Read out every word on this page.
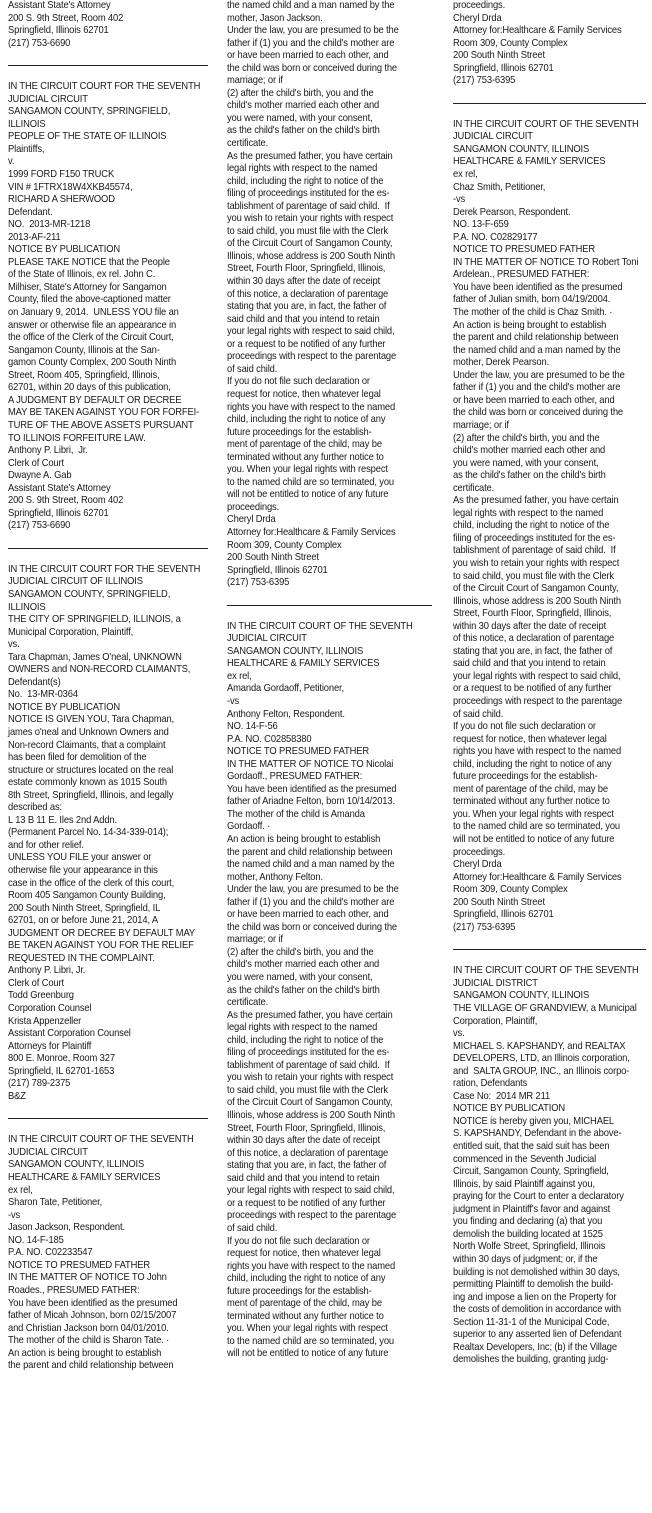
Assistant State's Attorney
200 S. 9th Street, Room 402
Springfield, Illinois 62701
(217) 753-6690
IN THE CIRCUIT COURT FOR THE SEVENTH
JUDICIAL CIRCUIT
SANGAMON COUNTY, SPRINGFIELD,
ILLINOIS
PEOPLE OF THE STATE OF ILLINOIS
Plaintiffs,
v.
1999 FORD F150 TRUCK
VIN # 1FTRX18W4XKB45574,
RICHARD A SHERWOOD
Defendant.
NO.  2013-MR-1218
2013-AF-211
NOTICE BY PUBLICATION
PLEASE TAKE NOTICE that the People
of the State of Illinois, ex rel. John C.
Milhiser, State's Attorney for Sangamon
County, filed the above-captioned matter
on January 9, 2014.  UNLESS YOU file an
answer or otherwise file an appearance in
the office of the Clerk of the Circuit Court,
Sangamon County, Illinois at the San-
gamon County Complex, 200 South Ninth
Street, Room 405, Springfield, Illinois,
62701, within 20 days of this publication,
A JUDGMENT BY DEFAULT OR DECREE
MAY BE TAKEN AGAINST YOU FOR FORFEI-
TURE OF THE ABOVE ASSETS PURSUANT
TO ILLINOIS FORFEITURE LAW.
Anthony P. Libri,  Jr.
Clerk of Court
Dwayne A. Gab
Assistant State's Attorney
200 S. 9th Street, Room 402
Springfield, Illinois 62701
(217) 753-6690
IN THE CIRCUIT COURT FOR THE SEVENTH
JUDICIAL CIRCUIT OF ILLINOIS
SANGAMON COUNTY, SPRINGFIELD,
ILLINOIS
THE CITY OF SPRINGFIELD, ILLINOIS, a
Municipal Corporation, Plaintiff,
vs.
Tara Chapman, James O'neal, UNKNOWN
OWNERS and NON-RECORD CLAIMANTS,
Defendant(s)
No.  13-MR-0364
NOTICE BY PUBLICATION
NOTICE IS GIVEN YOU, Tara Chapman,
james o'neal and Unknown Owners and
Non-record Claimants, that a complaint
has been filed for demolition of the
structure or structures located on the real
estate commonly known as 1015 South
8th Street, Springfield, Illinois, and legally
described as:
L 13 B 11 E. Iles 2nd Addn.
(Permanent Parcel No. 14-34-339-014);
and for other relief.
UNLESS YOU FILE your answer or
otherwise file your appearance in this
case in the office of the clerk of this court,
Room 405 Sangamon County Building,
200 South Ninth Street, Springfield, IL
62701, on or before June 21, 2014, A
JUDGMENT OR DECREE BY DEFAULT MAY
BE TAKEN AGAINST YOU FOR THE RELIEF
REQUESTED IN THE COMPLAINT.
Anthony P. Libri, Jr.
Clerk of Court
Todd Greenburg
Corporation Counsel
Krista Appenzeller
Assistant Corporation Counsel
Attorneys for Plaintiff
800 E. Monroe, Room 327
Springfield, IL 62701-1653
(217) 789-2375
B&Z
IN THE CIRCUIT COURT OF THE SEVENTH
JUDICIAL CIRCUIT
SANGAMON COUNTY, ILLINOIS
HEALTHCARE & FAMILY SERVICES
ex rel,
Sharon Tate, Petitioner,
-vs
Jason Jackson, Respondent.
NO. 14-F-185
P.A. NO. C02233547
NOTICE TO PRESUMED FATHER
IN THE MATTER OF NOTICE TO John
Roades., PRESUMED FATHER:
You have been identified as the presumed
father of Micah Johnson, born 02/15/2007
and Christian Jackson born 04/01/2010.
The mother of the child is Sharon Tate. ·
An action is being brought to establish
the parent and child relationship between
the named child and a man named by the
mother, Jason Jackson.
Under the law, you are presumed to be the
father if (1) you and the child's mother are
or have been married to each other, and
the child was born or conceived during the
marriage; or if
(2) after the child's birth, you and the
child's mother married each other and
you were named, with your consent,
as the child's father on the child's birth
certificate.
As the presumed father, you have certain
legal rights with respect to the named
child, including the right to notice of the
filing of proceedings instituted for the es-
tablishment of parentage of said child.  If
you wish to retain your rights with respect
to said child, you must file with the Clerk
of the Circuit Court of Sangamon County,
Illinois, whose address is 200 South Ninth
Street, Fourth Floor, Springfield, Illinois,
within 30 days after the date of receipt
of this notice, a declaration of parentage
stating that you are, in fact, the father of
said child and that you intend to retain
your legal rights with respect to said child,
or a request to be notified of any further
proceedings with respect to the parentage
of said child.
If you do not file such declaration or
request for notice, then whatever legal
rights you have with respect to the named
child, including the right to notice of any
future proceedings for the establish-
ment of parentage of the child, may be
terminated without any further notice to
you. When your legal rights with respect
to the named child are so terminated, you
will not be entitled to notice of any future
proceedings.
Cheryl Drda
Attorney for:Healthcare & Family Services
Room 309, County Complex
200 South Ninth Street
Springfield, Illinois 62701
(217) 753-6395
IN THE CIRCUIT COURT OF THE SEVENTH
JUDICIAL CIRCUIT
SANGAMON COUNTY, ILLINOIS
HEALTHCARE & FAMILY SERVICES
ex rel,
Amanda Gordaoff, Petitioner,
-vs
Anthony Felton, Respondent.
NO. 14-F-56
P.A. NO. C02858380
NOTICE TO PRESUMED FATHER
IN THE MATTER OF NOTICE TO Nicolai
Gordaoff., PRESUMED FATHER:
You have been identified as the presumed
father of Ariadne Felton, born 10/14/2013.
The mother of the child is Amanda
Gordaoff. ·
An action is being brought to establish
the parent and child relationship between
the named child and a man named by the
mother, Anthony Felton.
Under the law, you are presumed to be the
father if (1) you and the child's mother are
or have been married to each other, and
the child was born or conceived during the
marriage; or if
(2) after the child's birth, you and the
child's mother married each other and
you were named, with your consent,
as the child's father on the child's birth
certificate.
As the presumed father, you have certain
legal rights with respect to the named
child, including the right to notice of the
filing of proceedings instituted for the es-
tablishment of parentage of said child.  If
you wish to retain your rights with respect
to said child, you must file with the Clerk
of the Circuit Court of Sangamon County,
Illinois, whose address is 200 South Ninth
Street, Fourth Floor, Springfield, Illinois,
within 30 days after the date of receipt
of this notice, a declaration of parentage
stating that you are, in fact, the father of
said child and that you intend to retain
your legal rights with respect to said child,
or a request to be notified of any further
proceedings with respect to the parentage
of said child.
If you do not file such declaration or
request for notice, then whatever legal
rights you have with respect to the named
child, including the right to notice of any
future proceedings for the establish-
ment of parentage of the child, may be
terminated without any further notice to
you. When your legal rights with respect
to the named child are so terminated, you
will not be entitled to notice of any future
proceedings.
Cheryl Drda
Attorney for:Healthcare & Family Services
Room 309, County Complex
200 South Ninth Street
Springfield, Illinois 62701
(217) 753-6395
IN THE CIRCUIT COURT OF THE SEVENTH
JUDICIAL CIRCUIT
SANGAMON COUNTY, ILLINOIS
HEALTHCARE & FAMILY SERVICES
ex rel,
Chaz Smith, Petitioner,
-vs
Derek Pearson, Respondent.
NO. 13-F-659
P.A. NO. C02829177
NOTICE TO PRESUMED FATHER
IN THE MATTER OF NOTICE TO Robert Toni
Ardelean., PRESUMED FATHER:
You have been identified as the presumed
father of Julian smith, born 04/19/2004.
The mother of the child is Chaz Smith. ·
An action is being brought to establish
the parent and child relationship between
the named child and a man named by the
mother, Derek Pearson.
Under the law, you are presumed to be the
father if (1) you and the child's mother are
or have been married to each other, and
the child was born or conceived during the
marriage; or if
(2) after the child's birth, you and the
child's mother married each other and
you were named, with your consent,
as the child's father on the child's birth
certificate.
As the presumed father, you have certain
legal rights with respect to the named
child, including the right to notice of the
filing of proceedings instituted for the es-
tablishment of parentage of said child.  If
you wish to retain your rights with respect
to said child, you must file with the Clerk
of the Circuit Court of Sangamon County,
Illinois, whose address is 200 South Ninth
Street, Fourth Floor, Springfield, Illinois,
within 30 days after the date of receipt
of this notice, a declaration of parentage
stating that you are, in fact, the father of
said child and that you intend to retain
your legal rights with respect to said child,
or a request to be notified of any further
proceedings with respect to the parentage
of said child.
If you do not file such declaration or
request for notice, then whatever legal
rights you have with respect to the named
child, including the right to notice of any
future proceedings for the establish-
ment of parentage of the child, may be
terminated without any further notice to
you. When your legal rights with respect
to the named child are so terminated, you
will not be entitled to notice of any future
proceedings.
Cheryl Drda
Attorney for:Healthcare & Family Services
Room 309, County Complex
200 South Ninth Street
Springfield, Illinois 62701
(217) 753-6395
IN THE CIRCUIT COURT OF THE SEVENTH
JUDICIAL DISTRICT
SANGAMON COUNTY, ILLINOIS
THE VILLAGE OF GRANDVIEW, a Municipal
Corporation, Plaintiff,
vs.
MICHAEL S. KAPSHANDY, and REALTAX
DEVELOPERS, LTD, an Illinois corporation,
and  SALTA GROUP, INC., an Illinois corpo-
ration, Defendants
Case No:  2014 MR 211
NOTICE BY PUBLICATION
NOTICE is hereby given you, MICHAEL
S. KAPSHANDY, Defendant in the above-
entitled suit, that the said suit has been
commenced in the Seventh Judicial
Circuit, Sangamon County, Springfield,
Illinois, by said Plaintiff against you,
praying for the Court to enter a declaratory
judgment in Plaintiff's favor and against
you finding and declaring (a) that you
demolish the building located at 1525
North Wolfe Street, Springfield, Illinois
within 30 days of judgment; or, if the
building is not demolished within 30 days,
permitting Plaintiff to demolish the build-
ing and impose a lien on the Property for
the costs of demolition in accordance with
Section 11-31-1 of the Municipal Code,
superior to any asserted lien of Defendant
Realtax Developers, Inc; (b) if the Village
demolishes the building, granting judg-
